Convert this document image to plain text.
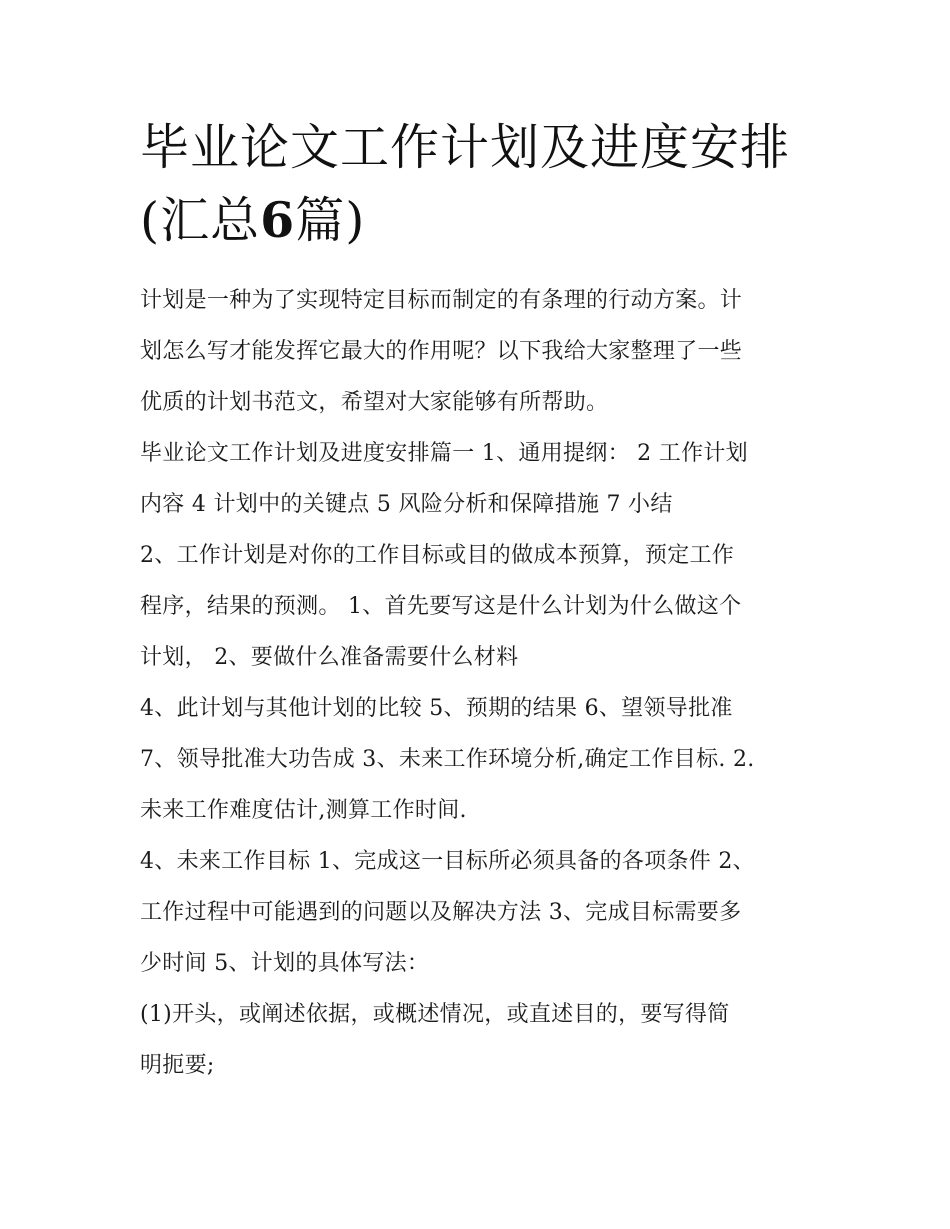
毕业论文工作计划及进度安排
(汇总6篇)
计划是一种为了实现特定目标而制定的有条理的行动方案。计
划怎么写才能发挥它最大的作用呢？以下我给大家整理了一些
优质的计划书范文，希望对大家能够有所帮助。
毕业论文工作计划及进度安排篇一 1、通用提纲： 2 工作计划
内容 4 计划中的关键点 5 风险分析和保障措施 7 小结
2、工作计划是对你的工作目标或目的做成本预算，预定工作
程序，结果的预测。 1、首先要写这是什么计划为什么做这个
计划， 2、要做什么准备需要什么材料
4、此计划与其他计划的比较 5、预期的结果 6、望领导批准
7、领导批准大功告成 3、未来工作环境分析,确定工作目标. 2.
未来工作难度估计,测算工作时间.
4、未来工作目标 1、完成这一目标所必须具备的各项条件 2、
工作过程中可能遇到的问题以及解决方法 3、完成目标需要多
少时间 5、计划的具体写法：
(1)开头，或阐述依据，或概述情况，或直述目的，要写得简
明扼要;
